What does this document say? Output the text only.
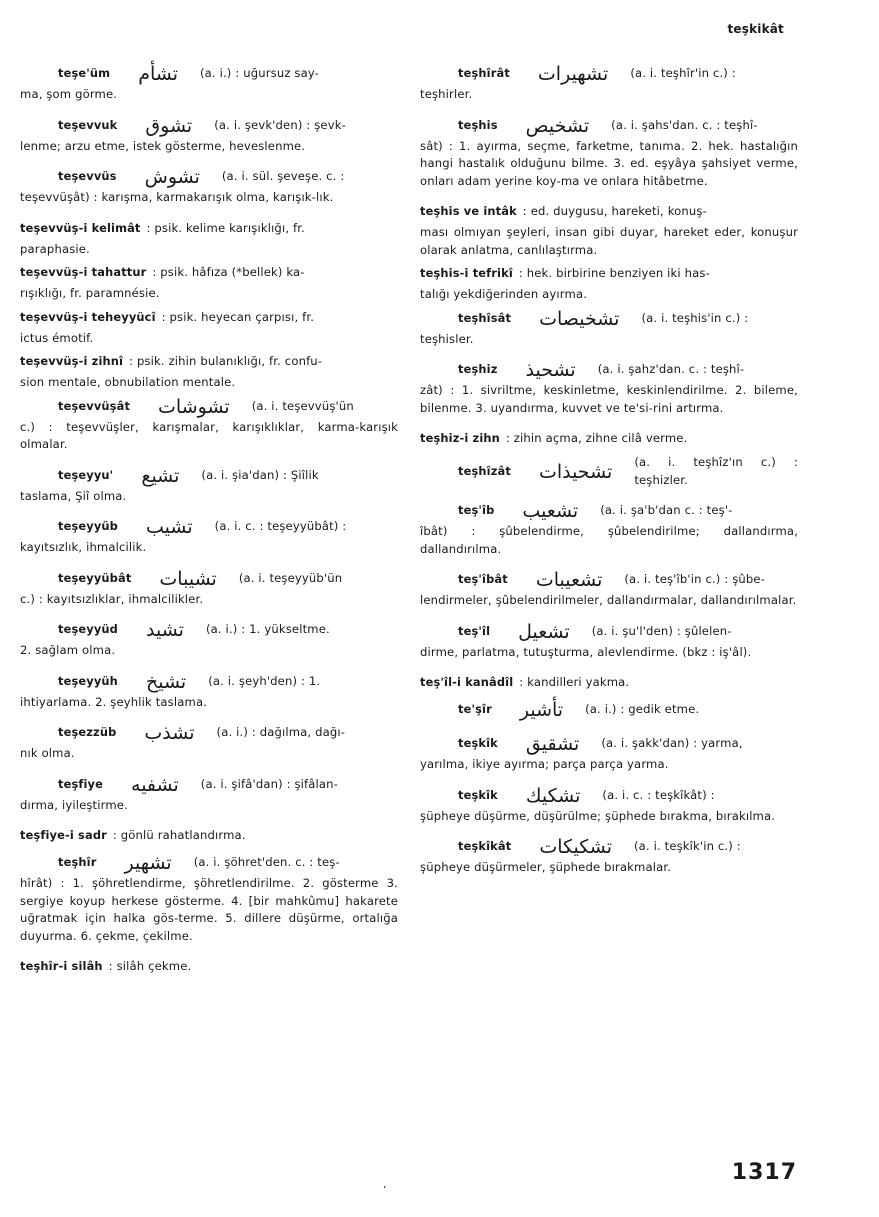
teşkikât
teşe'üm تشأم (a. i.) : uğursuz say-
ma, şom görme.
teşevvuk تشوق (a. i. şevk'den) : şevk-
lenme; arzu etme, istek gösterme, heveslenme.
teşevvüs تشوش (a. i. sül. şeveşe. c. :
teşevvüşât) : karışma, karmakarışık olma, karışık-lık.
teşevvüş-i kelimât : psik. kelime karışıklığı, fr.
paraphasie.
teşevvüş-i tahattur : psik. hâfıza (*bellek) ka-
rışıklığı, fr. paramnésie.
teşevvüş-i teheyyücî : psik. heyecan çarpısı, fr.
ictus émotif.
teşevvüş-i zihnî : psik. zihin bulanıklığı, fr. confu-
sion mentale, obnubilation mentale.
teşevvüşât تشوشات (a. i. teşevvüş'ün
c.) : teşevvüşler, karışmalar, karışıklıklar, karma-karışık olmalar.
teşeyyu' تشيع (a. i. şia'dan) : Şiîlik
taslama, Şiî olma.
teşeyyüb تشيب (a. i. c. : teşeyyübât) :
kayıtsızlık, ihmalcilik.
teşeyyübât تشيبات (a. i. teşeyyüb'ün
c.) : kayıtsızlıklar, ihmalcilikler.
teşeyyüd تشيد (a. i.) : 1. yükseltme.
2. sağlam olma.
teşeyyüh تشيخ (a. i. şeyh'den) : 1.
ihtiyarlama. 2. şeyhlik taslama.
teşezzüb تشذب (a. i.) : dağılma, dağı-
nık olma.
teşfiye تشفيه (a. i. şifâ'dan) : şifâlan-
dırma, iyileştirme.
teşfiye-i sadr : gönlü rahatlandırma.
teşhîr تشهير (a. i. şöhret'den. c. : teş-
hîrât) : 1. şöhretlendirme, şöhretlendirilme. 2. gösterme 3. sergiye koyup herkese gösterme. 4. [bir mahkûmu] hakarete uğratmak için halka gös-terme. 5. dillere düşürme, ortalığa duyurma. 6. çekme, çekilme.
teşhîr-i silâh : silâh çekme.
teşhîrât تشهيرات (a. i. teşhîr'in c.) :
teşhirler.
teşhis تشخيص (a. i. şahs'dan. c. : teşhî-
sât) : 1. ayırma, seçme, farketme, tanıma. 2. hek. hastalığın hangi hastalık olduğunu bilme. 3. ed. eşyâya şahsiyet verme, onları adam yerine koy-ma ve onlara hitâbetme.
teşhis ve intâk : ed. duygusu, hareketi, konuş-
ması olmıyan şeyleri, insan gibi duyar, hareket eder, konuşur olarak anlatma, canlılaştırma.
teşhis-i tefrikî : hek. birbirine benziyen iki has-
talığı yekdiğerinden ayırma.
teşhîsât تشخيصات (a. i. teşhis'in c.) :
teşhisler.
teşhiz تشحيذ (a. i. şahz'dan. c. : teşhî-
zât) : 1. sivriltme, keskinletme, keskinlendirilme. 2. bileme, bilenme. 3. uyandırma, kuvvet ve te'si-rini artırma.
teşhiz-i zihn : zihin açma, zihne cilâ verme.
teşhîzât تشحيذات (a. i. teşhîz'ın c.) : teşhizler.
teş'îb تشعيب (a. i. şa'b'dan c. : teş'-
îbât) : şûbelendirme, şûbelendirilme; dallandırma, dallandırılma.
teş'îbât تشعيبات (a. i. teş'îb'in c.) : şûbe-
lendirmeler, şûbelendirilmeler, dallandırmalar, dallandırılmalar.
teş'îl تشعيل (a. i. şu'l'den) : şûlelen-
dirme, parlatma, tutuşturma, alevlendirme. (bkz : iş'âl).
teş'îl-i kanâdîl : kandilleri yakma.
te'şîr تأشير (a. i.) : gedik etme.
teşkîk تشقيق (a. i. şakk'dan) : yarma,
yarılma, ikiye ayırma; parça parça yarma.
teşkîk تشكيك (a. i. c. : teşkîkât) :
şüpheye düşürme, düşürülme; şüphede bırakma, bırakılma.
teşkîkât تشكيكات (a. i. teşkîk'in c.) :
şüpheye düşürmeler, şüphede bırakmalar.
1317
،
